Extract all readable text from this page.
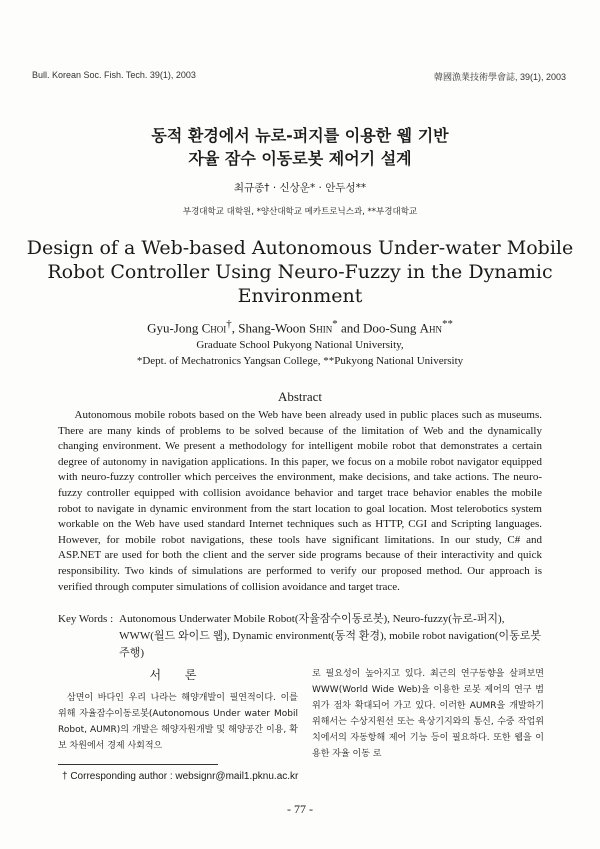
Bull. Korean Soc. Fish. Tech. 39(1), 2003	韓國漁業技術學會誌, 39(1), 2003
동적 환경에서 뉴로-퍼지를 이용한 웹 기반
자율 잠수 이동로봇 제어기 설계
최규종† · 신상운* · 안두성**
부경대학교 대학원, *양산대학교 메카트로닉스과, **부경대학교
Design of a Web-based Autonomous Under-water Mobile
Robot Controller Using Neuro-Fuzzy in the Dynamic
Environment
Gyu-Jong Choi†, Shang-Woon Shin* and Doo-Sung Ahn**
Graduate School Pukyong National University,
*Dept. of Mechatronics Yangsan College, **Pukyong National University
Abstract

Autonomous mobile robots based on the Web have been already used in public places such as museums. There are many kinds of problems to be solved because of the limitation of Web and the dynamically changing environment. We present a methodology for intelligent mobile robot that demonstrates a certain degree of autonomy in navigation applications. In this paper, we focus on a mobile robot navigator equipped with neuro-fuzzy controller which perceives the environment, make decisions, and take actions. The neuro-fuzzy controller equipped with collision avoidance behavior and target trace behavior enables the mobile robot to navigate in dynamic environment from the start location to goal location. Most telerobotics system workable on the Web have used standard Internet techniques such as HTTP, CGI and Scripting languages. However, for mobile robot navigations, these tools have significant limitations. In our study, C# and ASP.NET are used for both the client and the server side programs because of their interactivity and quick responsibility. Two kinds of simulations are performed to verify our proposed method. Our approach is verified through computer simulations of collision avoidance and target trace.

Key Words : Autonomous Underwater Mobile Robot(자율잠수이동로봇), Neuro-fuzzy(뉴로-퍼지), WWW(월드 와이드 웹), Dynamic environment(동적 환경), mobile robot navigation(이동로봇 주행)
서 론

삼면이 바다인 우리 나라는 해양개발이 필연적이다. 이를 위해 자율잠수이동로봇(Autonomous Under water Mobil Robot, AUMR)의 개발은 해양자원개발 및 해양공간 이용, 확보 차원에서 경제 사회적으

로 필요성이 높아지고 있다. 최근의 연구동향을 살펴보면 WWW(World Wide Web)을 이용한 로봇 제어의 연구 범위가 점차 확대되어 가고 있다. 이러한 AUMR을 개발하기 위해서는 수상지원선 또는 육상기지와의 통신, 수중 작업위치에서의 자동항해 제어 기능 등이 필요하다. 또한 웹을 이용한 자율 이동 로

† Corresponding author : websignr@mail1.pknu.ac.kr
- 77 -
